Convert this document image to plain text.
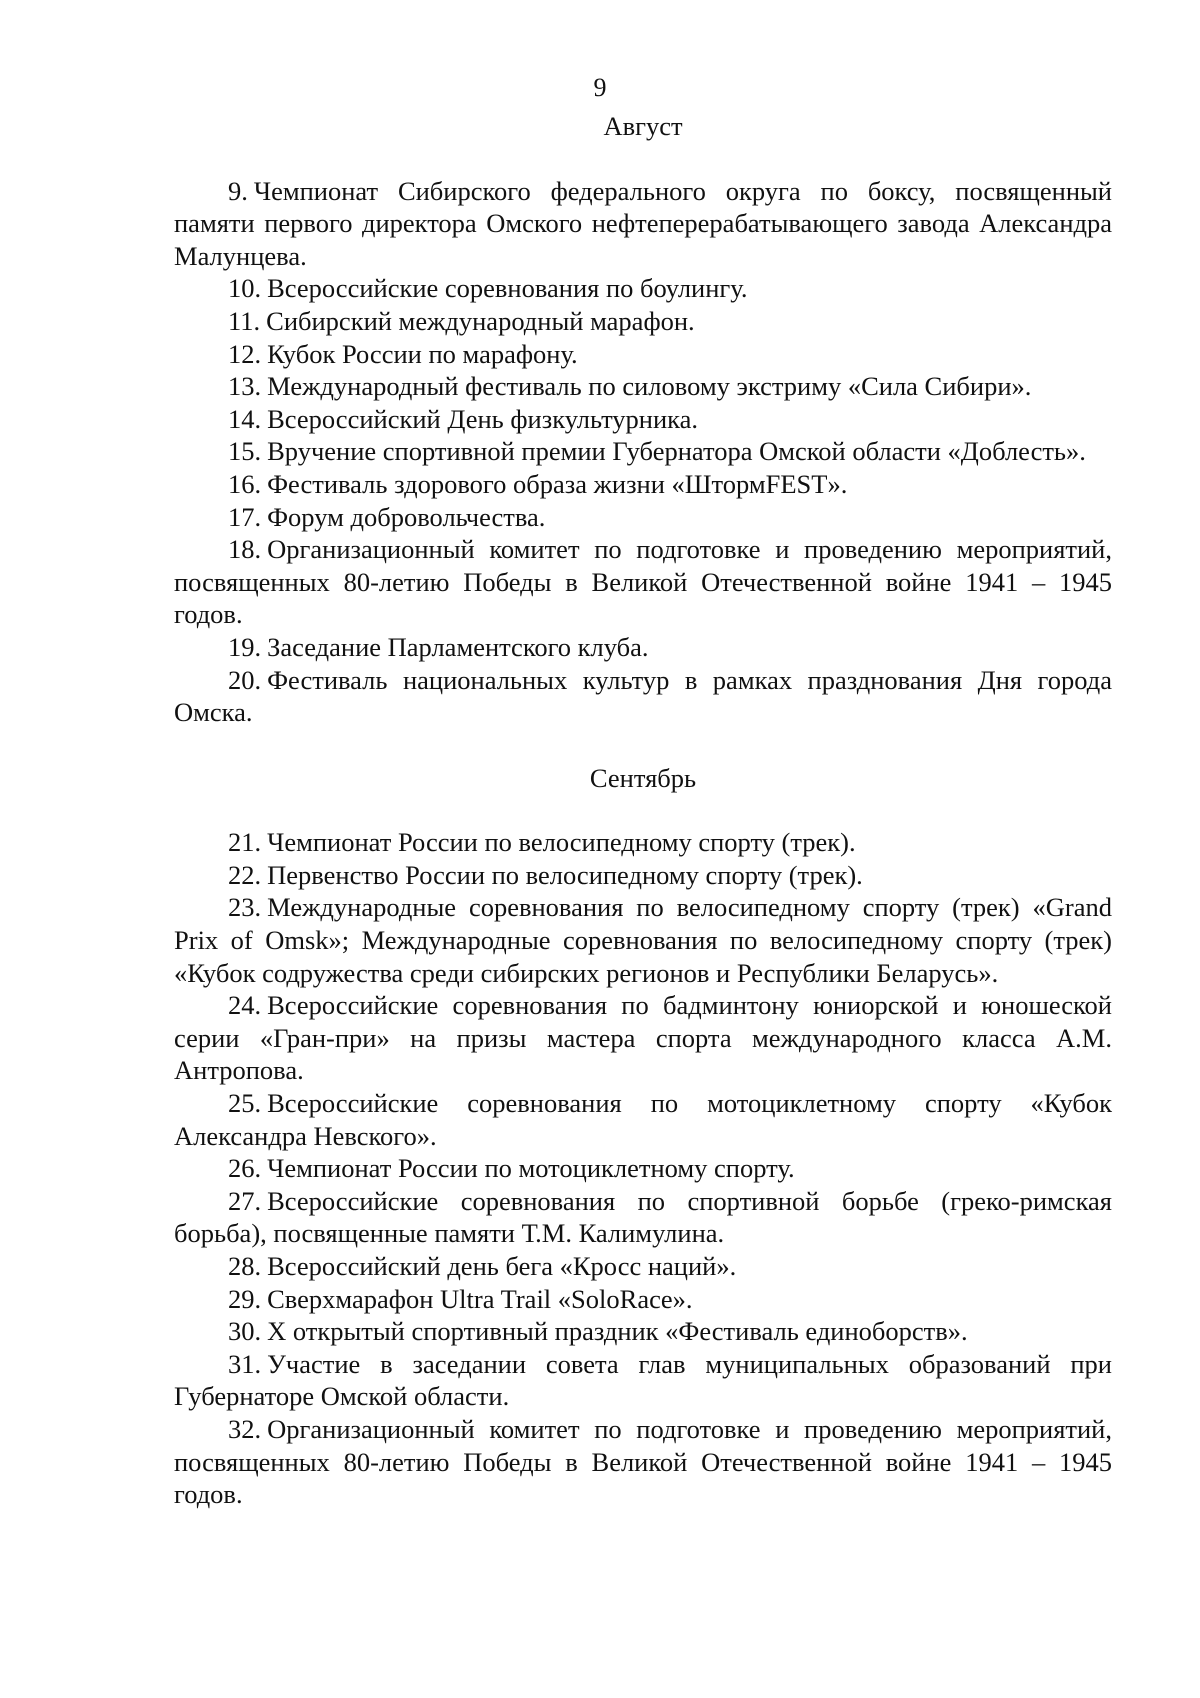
9
Август
9. Чемпионат Сибирского федерального округа по боксу, посвященный памяти первого директора Омского нефтеперерабатывающего завода Александра Малунцева.
10. Всероссийские соревнования по боулингу.
11. Сибирский международный марафон.
12. Кубок России по марафону.
13. Международный фестиваль по силовому экстриму «Сила Сибири».
14. Всероссийский День физкультурника.
15. Вручение спортивной премии Губернатора Омской области «Доблесть».
16. Фестиваль здорового образа жизни «ШтормFEST».
17. Форум добровольчества.
18. Организационный комитет по подготовке и проведению мероприятий, посвященных 80-летию Победы в Великой Отечественной войне 1941 – 1945 годов.
19. Заседание Парламентского клуба.
20. Фестиваль национальных культур в рамках празднования Дня города Омска.
Сентябрь
21. Чемпионат России по велосипедному спорту (трек).
22. Первенство России по велосипедному спорту (трек).
23. Международные соревнования по велосипедному спорту (трек) «Grand Prix of Omsk»; Международные соревнования по велосипедному спорту (трек) «Кубок содружества среди сибирских регионов и Республики Беларусь».
24. Всероссийские соревнования по бадминтону юниорской и юношеской серии «Гран-при» на призы мастера спорта международного класса А.М. Антропова.
25. Всероссийские соревнования по мотоциклетному спорту «Кубок Александра Невского».
26. Чемпионат России по мотоциклетному спорту.
27. Всероссийские соревнования по спортивной борьбе (греко-римская борьба), посвященные памяти Т.М. Калимулина.
28. Всероссийский день бега «Кросс наций».
29. Сверхмарафон Ultra Trail «SoloRace».
30. X открытый спортивный праздник «Фестиваль единоборств».
31. Участие в заседании совета глав муниципальных образований при Губернаторе Омской области.
32. Организационный комитет по подготовке и проведению мероприятий, посвященных 80-летию Победы в Великой Отечественной войне 1941 – 1945 годов.
